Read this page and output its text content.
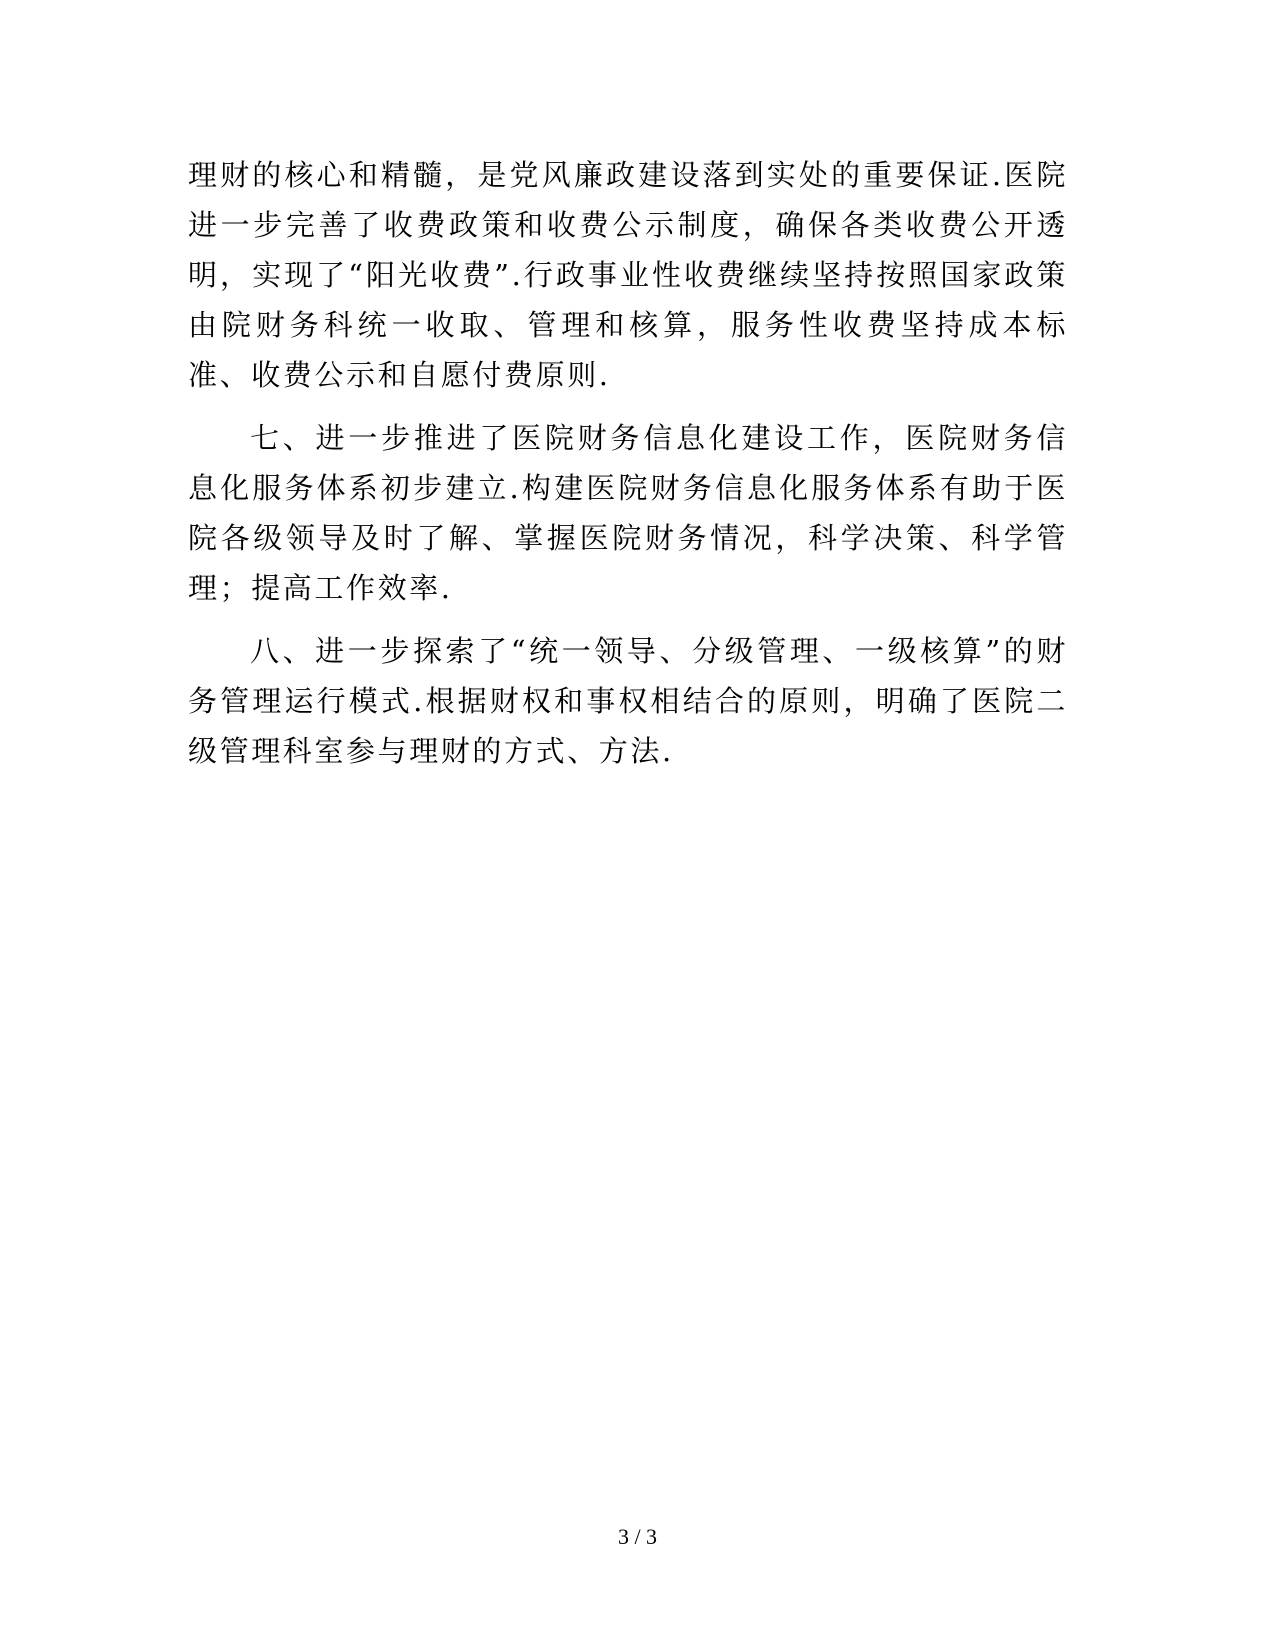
理财的核心和精髓，是党风廉政建设落到实处的重要保证.医院进一步完善了收费政策和收费公示制度，确保各类收费公开透明，实现了“阳光收费”.行政事业性收费继续坚持按照国家政策由院财务科统一收取、管理和核算，服务性收费坚持成本标准、收费公示和自愿付费原则.

七、进一步推进了医院财务信息化建设工作，医院财务信息化服务体系初步建立.构建医院财务信息化服务体系有助于医院各级领导及时了解、掌握医院财务情况，科学决策、科学管理；提高工作效率.

八、进一步探索了“统一领导、分级管理、一级核算”的财务管理运行模式.根据财权和事权相结合的原则，明确了医院二级管理科室参与理财的方式、方法.

3 / 3
